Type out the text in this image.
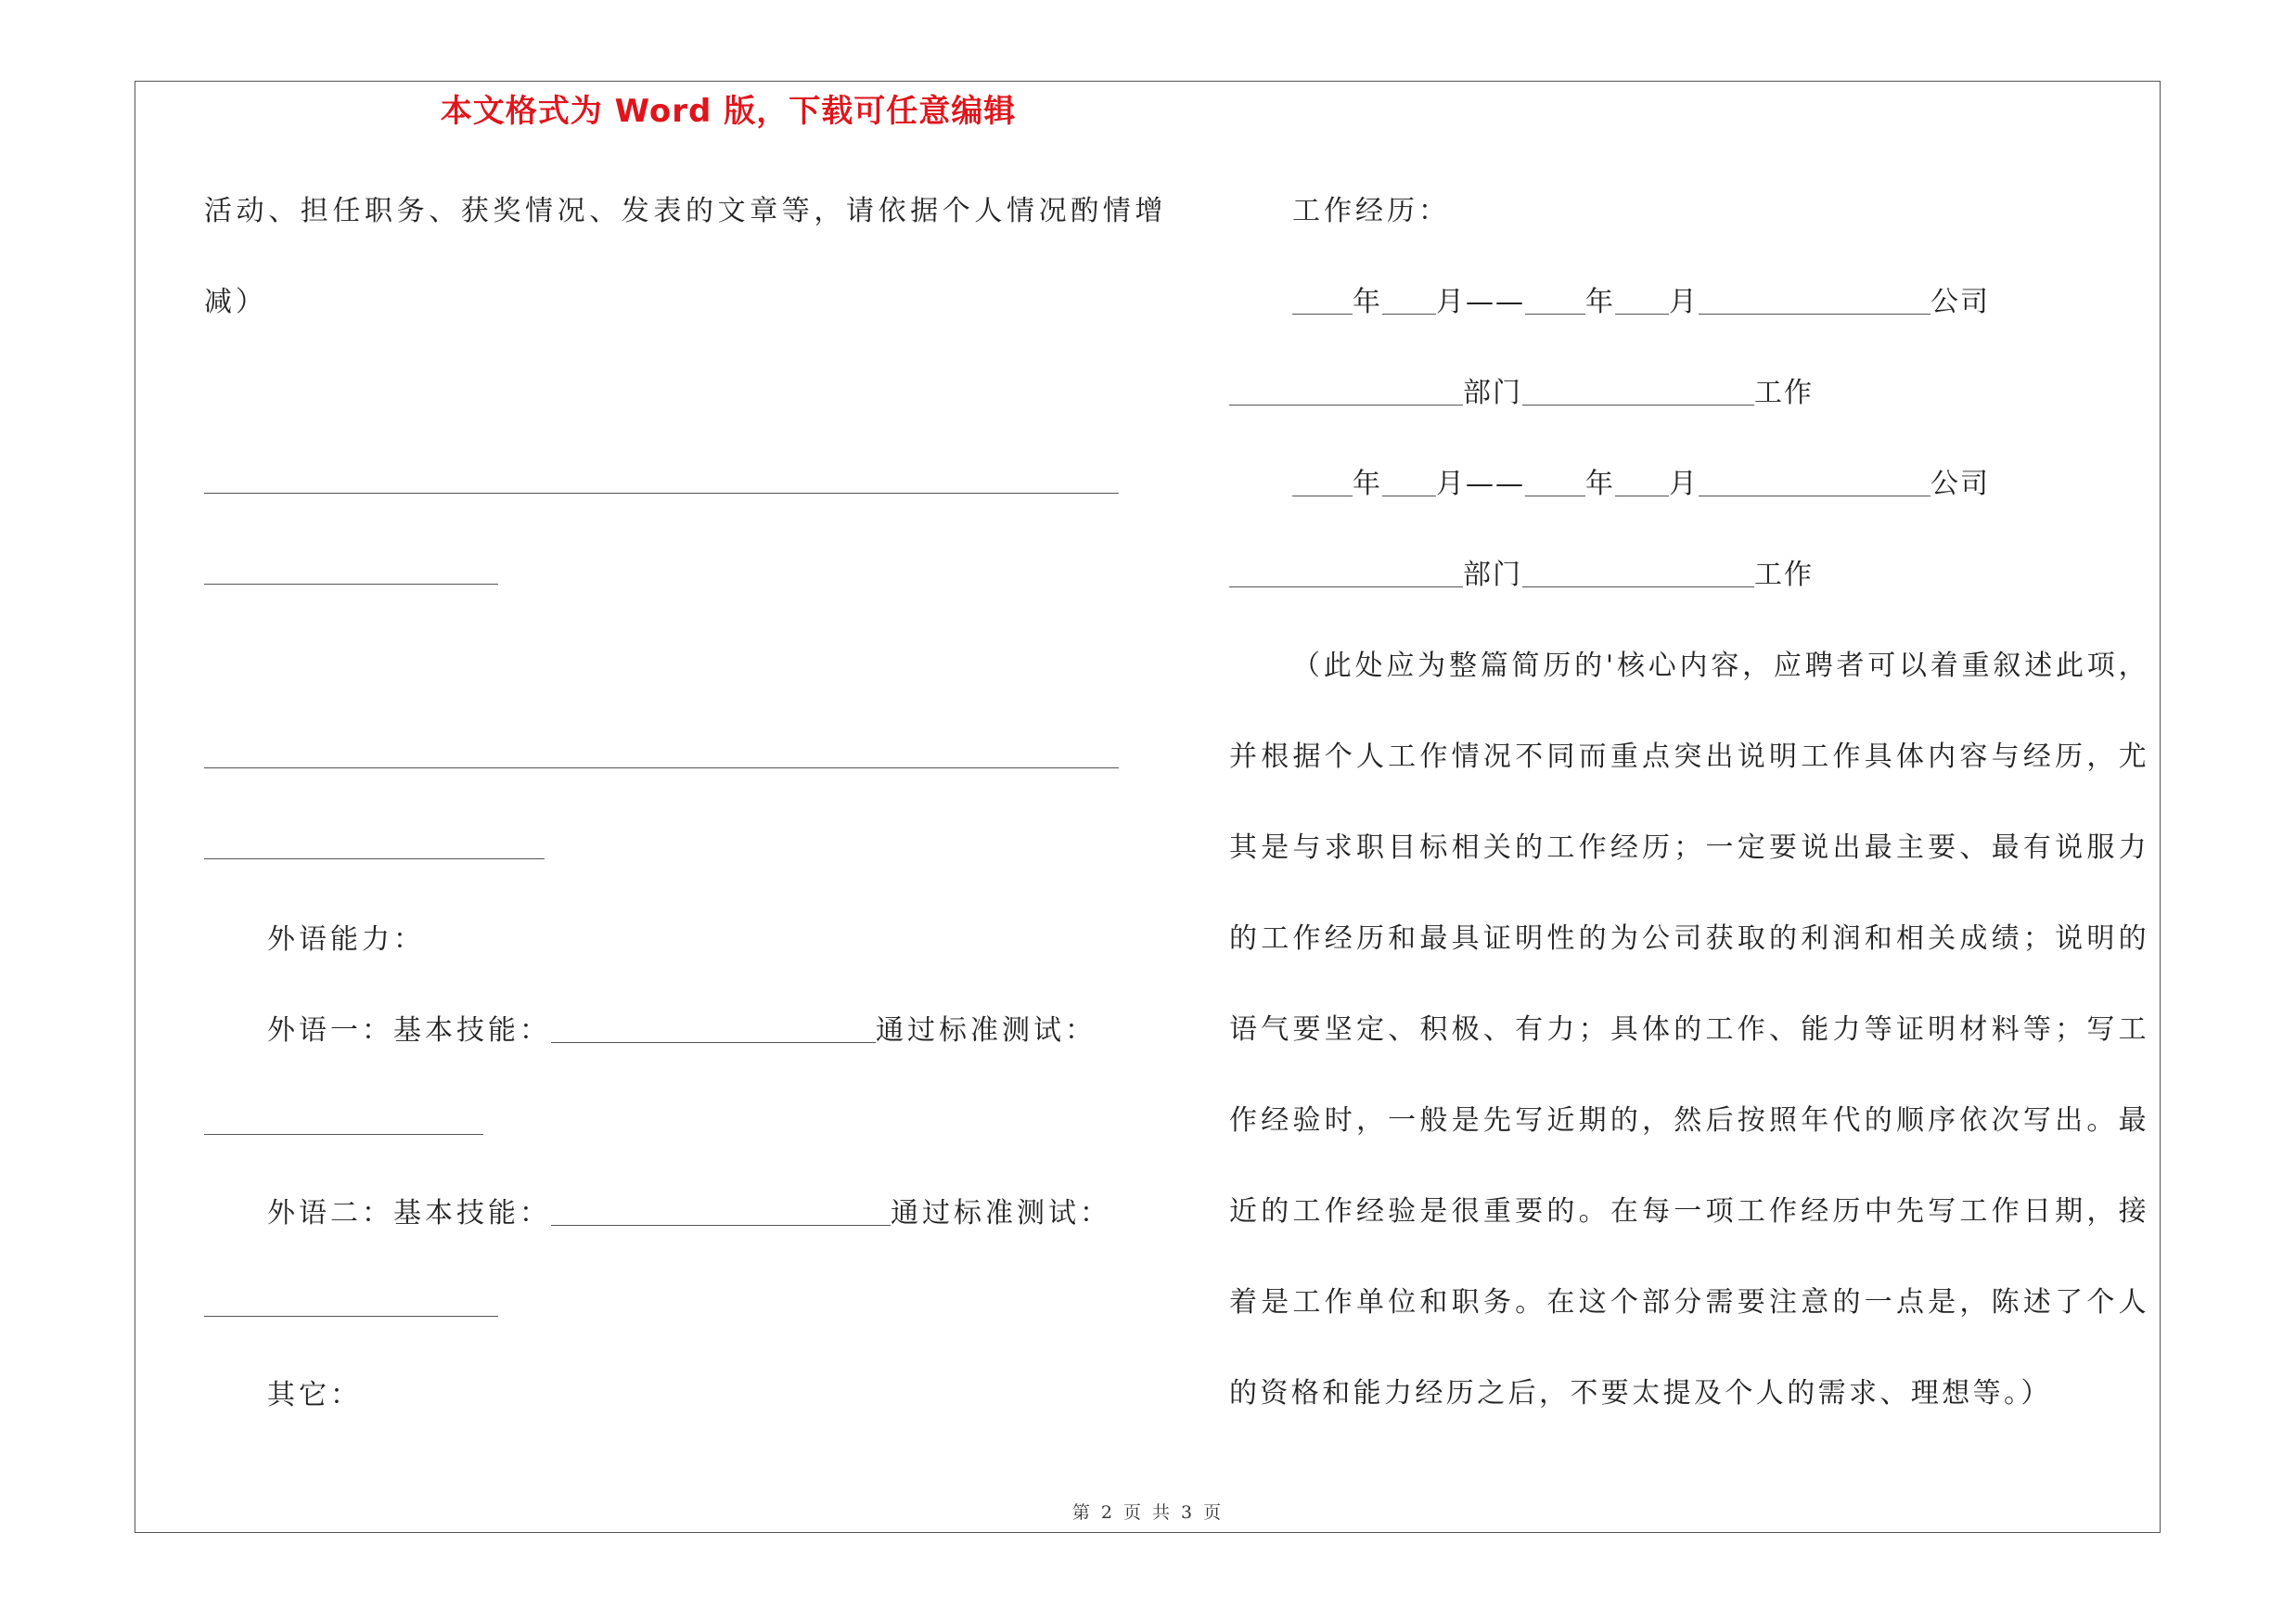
本文格式为 Word 版，下载可任意编辑
活动、担任职务、获奖情况、发表的文章等，请依据个人情况酌情增
减）
外语能力：
外语一：基本技能：	通过标准测试：
外语二：基本技能：	通过标准测试：
其它：
工作经历：
年 月—— 年 月	公司
部门	工作
年 月—— 年 月	公司
部门	工作
（此处应为整篇简历的'核心内容，应聘者可以着重叙述此项，并根据个人工作情况不同而重点突出说明工作具体内容与经历，尤其是与求职目标相关的工作经历；一定要说出最主要、最有说服力的工作经历和最具证明性的为公司获取的利润和相关成绩；说明的语气要坚定、积极、有力；具体的工作、能力等证明材料等；写工作经验时，一般是先写近期的，然后按照年代的顺序依次写出。最近的工作经验是很重要的。在每一项工作经历中先写工作日期，接着是工作单位和职务。在这个部分需要注意的一点是，陈述了个人的资格和能力经历之后，不要太提及个人的需求、理想等。）
第 2 页 共 3 页
